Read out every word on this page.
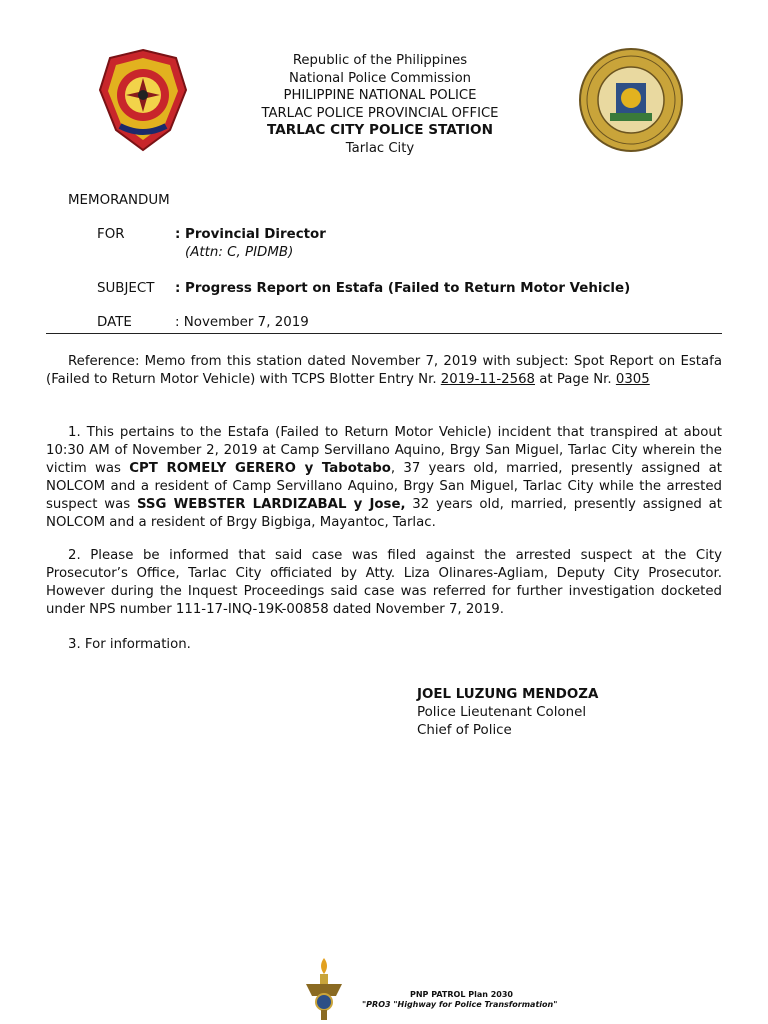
Republic of the Philippines
National Police Commission
PHILIPPINE NATIONAL POLICE
TARLAC POLICE PROVINCIAL OFFICE
TARLAC CITY POLICE STATION
Tarlac City
MEMORANDUM
FOR	: Provincial Director
(Attn: C, PIDMB)
SUBJECT : Progress Report on Estafa (Failed to Return Motor Vehicle)
DATE	: November 7, 2019
Reference: Memo from this station dated November 7, 2019 with subject: Spot Report on Estafa (Failed to Return Motor Vehicle) with TCPS Blotter Entry Nr. 2019-11-2568 at Page Nr. 0305
1. This pertains to the Estafa (Failed to Return Motor Vehicle) incident that transpired at about 10:30 AM of November 2, 2019 at Camp Servillano Aquino, Brgy San Miguel, Tarlac City wherein the victim was CPT ROMELY GERERO y Tabotabo, 37 years old, married, presently assigned at NOLCOM and a resident of Camp Servillano Aquino, Brgy San Miguel, Tarlac City while the arrested suspect was SSG WEBSTER LARDIZABAL y Jose, 32 years old, married, presently assigned at NOLCOM and a resident of Brgy Bigbiga, Mayantoc, Tarlac.
2. Please be informed that said case was filed against the arrested suspect at the City Prosecutor’s Office, Tarlac City officiated by Atty. Liza Olinares-Agliam, Deputy City Prosecutor. However during the Inquest Proceedings said case was referred for further investigation docketed under NPS number 111-17-INQ-19K-00858 dated November 7, 2019.
3. For information.
JOEL LUZUNG MENDOZA
Police Lieutenant Colonel
Chief of Police
PNP PATROL Plan 2030
"PRO3 "Highway for Police Transformation"
